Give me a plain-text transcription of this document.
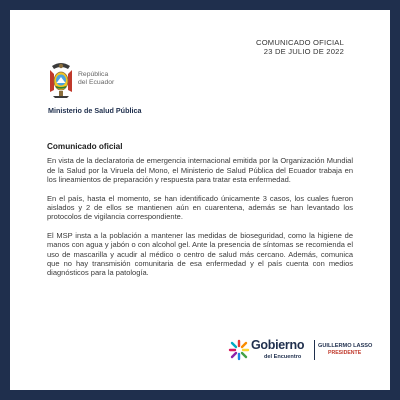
COMUNICADO OFICIAL
23 DE JULIO DE 2022
República
del Ecuador
Ministerio de Salud Pública
Comunicado oficial

En vista de la declaratoria de emergencia internacional emitida por la Organización Mundial de la Salud por la Viruela del Mono, el Ministerio de Salud Pública del Ecuador trabaja en los lineamientos de preparación y respuesta para tratar esta enfermedad.

En el país, hasta el momento, se han identificado únicamente 3 casos, los cuales fueron aislados y 2 de ellos se mantienen aún en cuarentena, además se han levantado los protocolos de vigilancia correspondiente.

El MSP insta a la población a mantener las medidas de bioseguridad, como la higiene de manos con agua y jabón o con alcohol gel. Ante la presencia de síntomas se recomienda el uso de mascarilla y acudir al médico o centro de salud más cercano. Además, comunica que no hay transmisión comunitaria de esa enfermedad y el país cuenta con medios diagnósticos para la patología.

Gobierno
del Encuentro
GUILLERMO LASSO
PRESIDENTE
